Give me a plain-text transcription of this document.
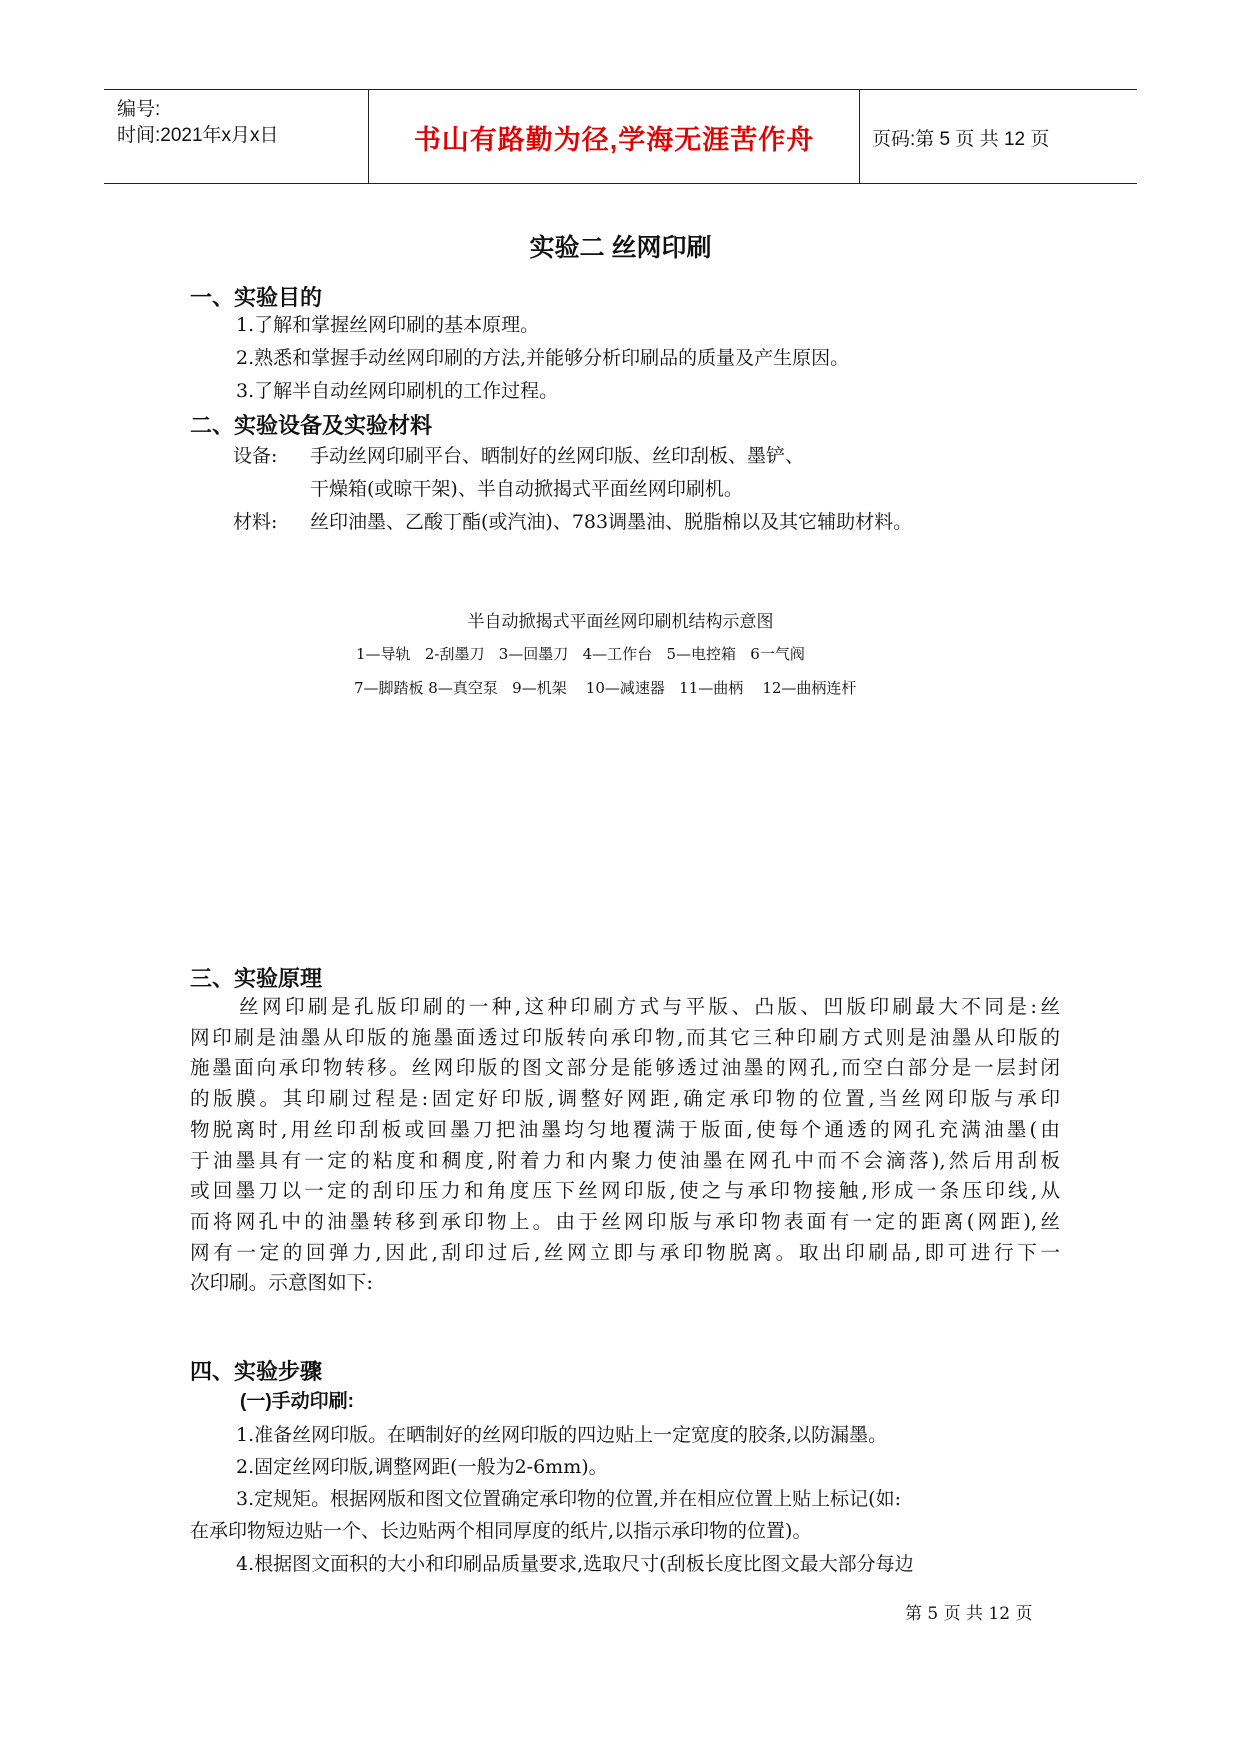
编号:
时间:2021年x月x日	书山有路勤为径,学海无涯苦作舟	页码:第 5 页 共 12 页
实验二 丝网印刷
一、实验目的
1.了解和掌握丝网印刷的基本原理。
2.熟悉和掌握手动丝网印刷的方法,并能够分析印刷品的质量及产生原因。
3.了解半自动丝网印刷机的工作过程。
二、实验设备及实验材料
设备: 手动丝网印刷平台、晒制好的丝网印版、丝印刮板、墨铲、
干燥箱(或晾干架)、半自动掀揭式平面丝网印刷机。
材料: 丝印油墨、乙酸丁酯(或汽油)、783调墨油、脱脂棉以及其它辅助材料。
半自动掀揭式平面丝网印刷机结构示意图
1—导轨   2-刮墨刀   3—回墨刀   4—工作台   5—电控箱   6一气阀
7—脚踏板 8—真空泵   9—机架    10—减速器   11—曲柄    12—曲柄连杆
三、实验原理
丝网印刷是孔版印刷的一种,这种印刷方式与平版、凸版、凹版印刷最大不同是:丝
网印刷是油墨从印版的施墨面透过印版转向承印物,而其它三种印刷方式则是油墨从印版的
施墨面向承印物转移。丝网印版的图文部分是能够透过油墨的网孔,而空白部分是一层封闭
的版膜。其印刷过程是:固定好印版,调整好网距,确定承印物的位置,当丝网印版与承印
物脱离时,用丝印刮板或回墨刀把油墨均匀地覆满于版面,使每个通透的网孔充满油墨(由
于油墨具有一定的粘度和稠度,附着力和内聚力使油墨在网孔中而不会滴落),然后用刮板
或回墨刀以一定的刮印压力和角度压下丝网印版,使之与承印物接触,形成一条压印线,从
而将网孔中的油墨转移到承印物上。由于丝网印版与承印物表面有一定的距离(网距),丝
网有一定的回弹力,因此,刮印过后,丝网立即与承印物脱离。取出印刷品,即可进行下一
次印刷。示意图如下:
四、实验步骤
(一)手动印刷:
1.准备丝网印版。在晒制好的丝网印版的四边贴上一定宽度的胶条,以防漏墨。
2.固定丝网印版,调整网距(一般为2-6mm)。
3.定规矩。根据网版和图文位置确定承印物的位置,并在相应位置上贴上标记(如:
在承印物短边贴一个、长边贴两个相同厚度的纸片,以指示承印物的位置)。
4.根据图文面积的大小和印刷品质量要求,选取尺寸(刮板长度比图文最大部分每边
第 5 页 共 12 页
